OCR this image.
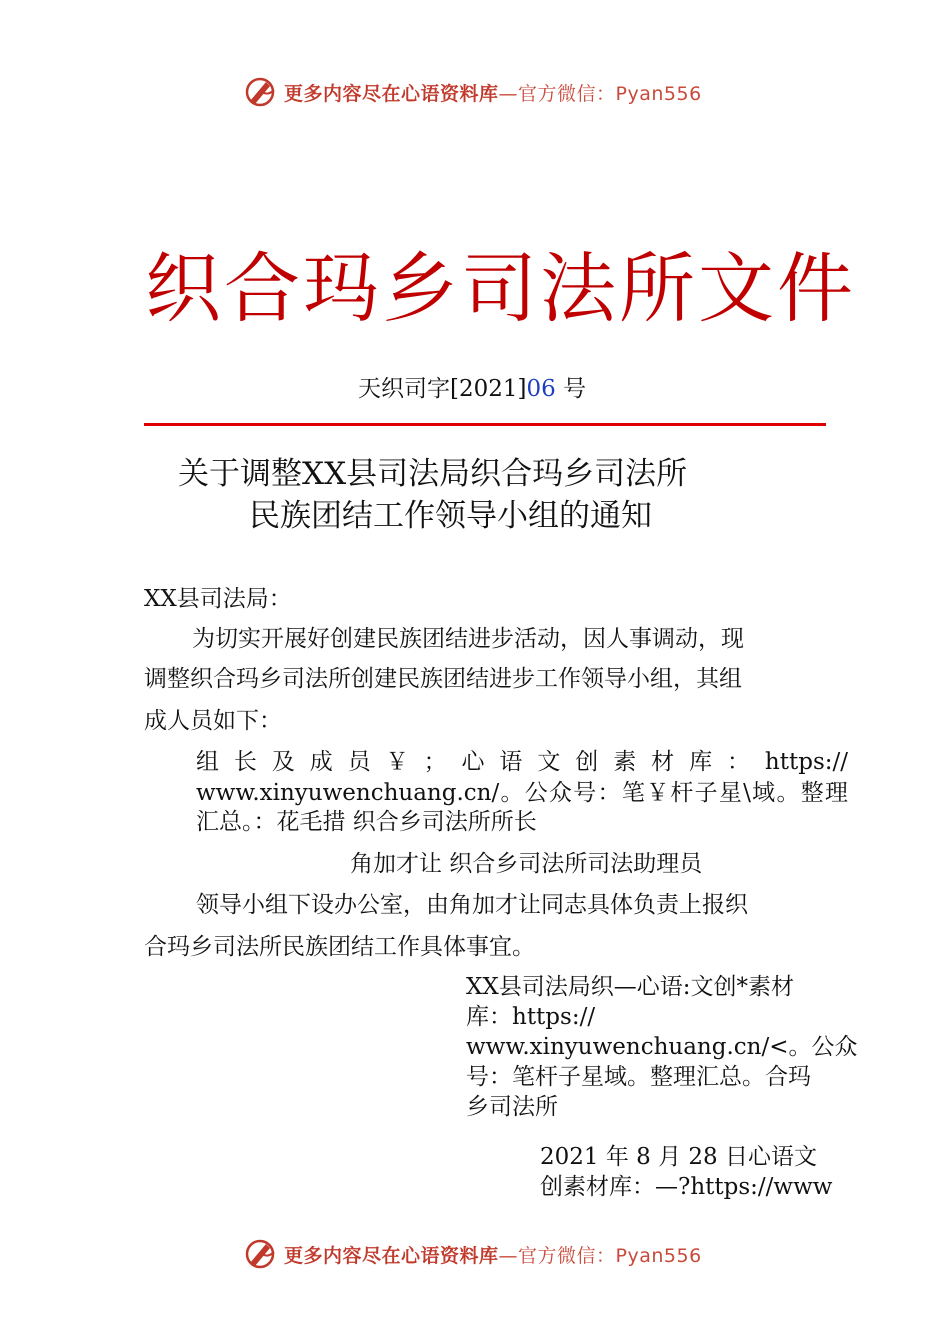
更多内容尽在心语资料库—官方微信：Pyan556
织合玛乡司法所文件
天织司字[2021]06 号
关于调整XX县司法局织合玛乡司法所
民族团结工作领导小组的通知
XX县司法局：
为切实开展好创建民族团结进步活动，因人事调动，现
调整织合玛乡司法所创建民族团结进步工作领导小组，其组
成人员如下：
组长及成员￥；心语文创素材库：https://
www.xinyuwenchuang.cn/。公众号：笔￥杆子星\域。整理
汇总。：花毛措 织合乡司法所所长
角加才让 织合乡司法所司法助理员
领导小组下设办公室，由角加才让同志具体负责上报织
合玛乡司法所民族团结工作具体事宜。
XX县司法局织—心语:文创*素材
库：https://
www.xinyuwenchuang.cn/<。公众
号：笔杆子星域。整理汇总。合玛
乡司法所
2021 年 8 月 28 日心语文
创素材库：—?https://www
更多内容尽在心语资料库—官方微信：Pyan556
